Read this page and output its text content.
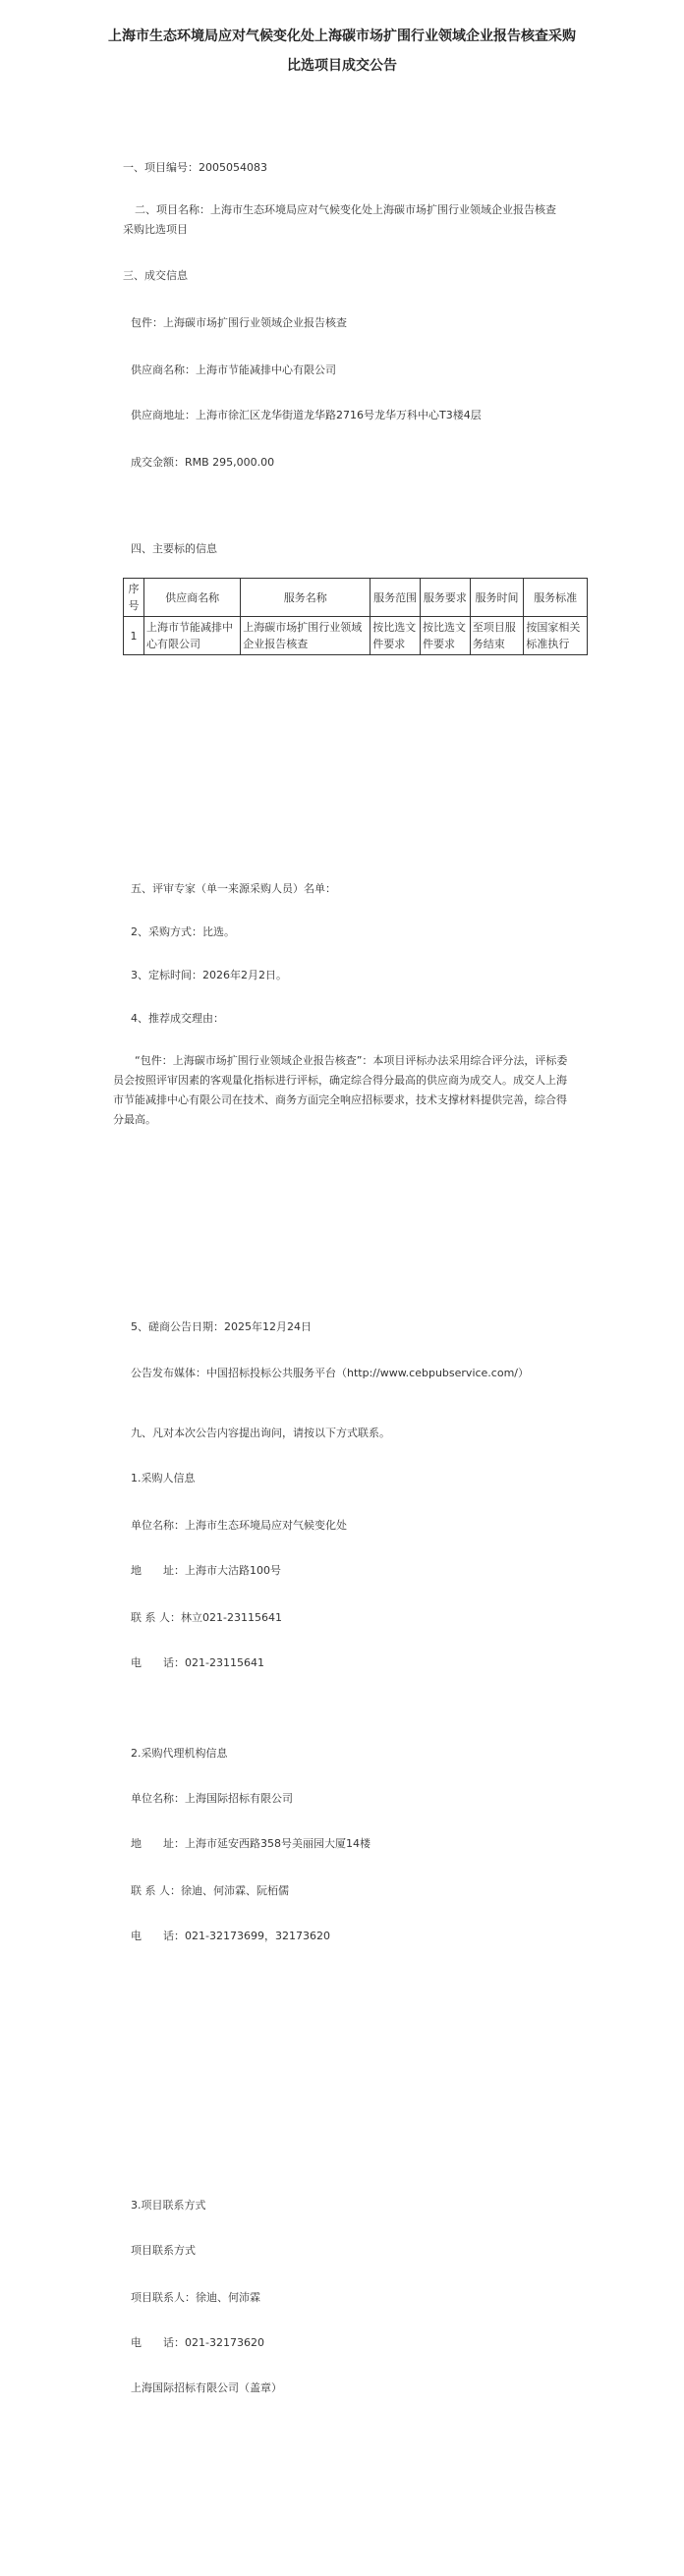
上海市生态环境局应对气候变化处上海碳市场扩围行业领域企业报告核查采购比选项目成交公告
一、项目编号：2005054083
二、项目名称：上海市生态环境局应对气候变化处上海碳市场扩围行业领域企业报告核查采购比选项目
三、成交信息
包件：上海碳市场扩围行业领域企业报告核查
供应商名称：上海市节能减排中心有限公司
供应商地址：上海市徐汇区龙华街道龙华路2716号龙华万科中心T3楼4层
成交金额：RMB 295,000.00
四、主要标的信息
序号	供应商名称	服务名称	服务范围	服务要求	服务时间	服务标准
1	上海市节能减排中心有限公司	上海碳市场扩围行业领域企业报告核查	按比选文件要求	按比选文件要求	至项目服务结束	按国家相关标准执行
五、评审专家（单一来源采购人员）名单：
2、采购方式：比选。
3、定标时间：2026年2月2日。
4、推荐成交理由：
“包件：上海碳市场扩围行业领域企业报告核查”：本项目评标办法采用综合评分法，评标委员会按照评审因素的客观量化指标进行评标，确定综合得分最高的供应商为成交人。成交人上海市节能减排中心有限公司在技术、商务方面完全响应招标要求，技术支撑材料提供完善，综合得分最高。
5、磋商公告日期：2025年12月24日
公告发布媒体：中国招标投标公共服务平台（http://www.cebpubservice.com/）
九、凡对本次公告内容提出询问，请按以下方式联系。
1.采购人信息
单位名称：上海市生态环境局应对气候变化处
地　　址：上海市大沽路100号
联 系 人：林立021-23115641
电　　话：021-23115641
2.采购代理机构信息
单位名称：上海国际招标有限公司
地　　址：上海市延安西路358号美丽园大厦14楼
联 系 人：徐迪、何沛霖、阮栢儒
电　　话：021-32173699，32173620
3.项目联系方式
项目联系方式
项目联系人：徐迪、何沛霖
电　　话：021-32173620
上海国际招标有限公司（盖章）
